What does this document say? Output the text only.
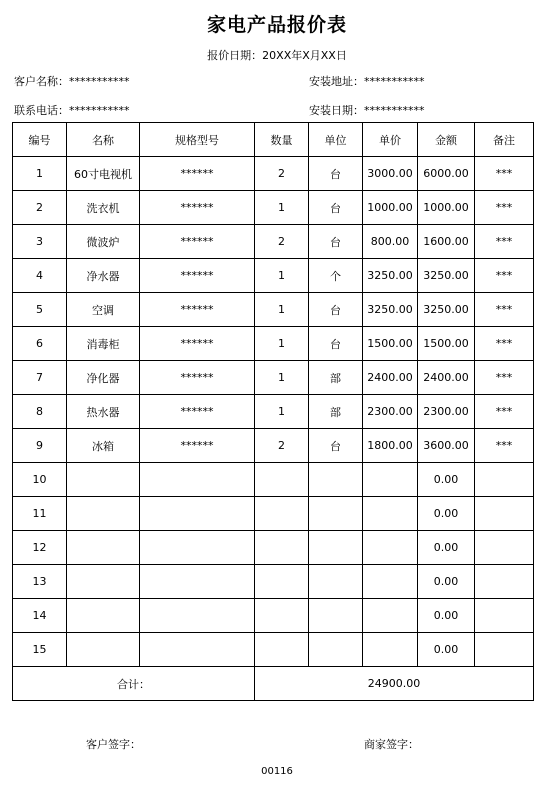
家电产品报价表
报价日期：20XX年X月XX日
客户名称：***********	安装地址：***********
联系电话：***********	安装日期：***********
编号	名称	规格型号	数量	单位	单价	金额	备注
1	60寸电视机	******	2	台	3000.00	6000.00	***
2	洗衣机	******	1	台	1000.00	1000.00	***
3	微波炉	******	2	台	800.00	1600.00	***
4	净水器	******	1	个	3250.00	3250.00	***
5	空调	******	1	台	3250.00	3250.00	***
6	消毒柜	******	1	台	1500.00	1500.00	***
7	净化器	******	1	部	2400.00	2400.00	***
8	热水器	******	1	部	2300.00	2300.00	***
9	冰箱	******	2	台	1800.00	3600.00	***
10						0.00	
11						0.00	
12						0.00	
13						0.00	
14						0.00	
15						0.00	
合计：			24900.00				
客户签字：	商家签字：
00116
